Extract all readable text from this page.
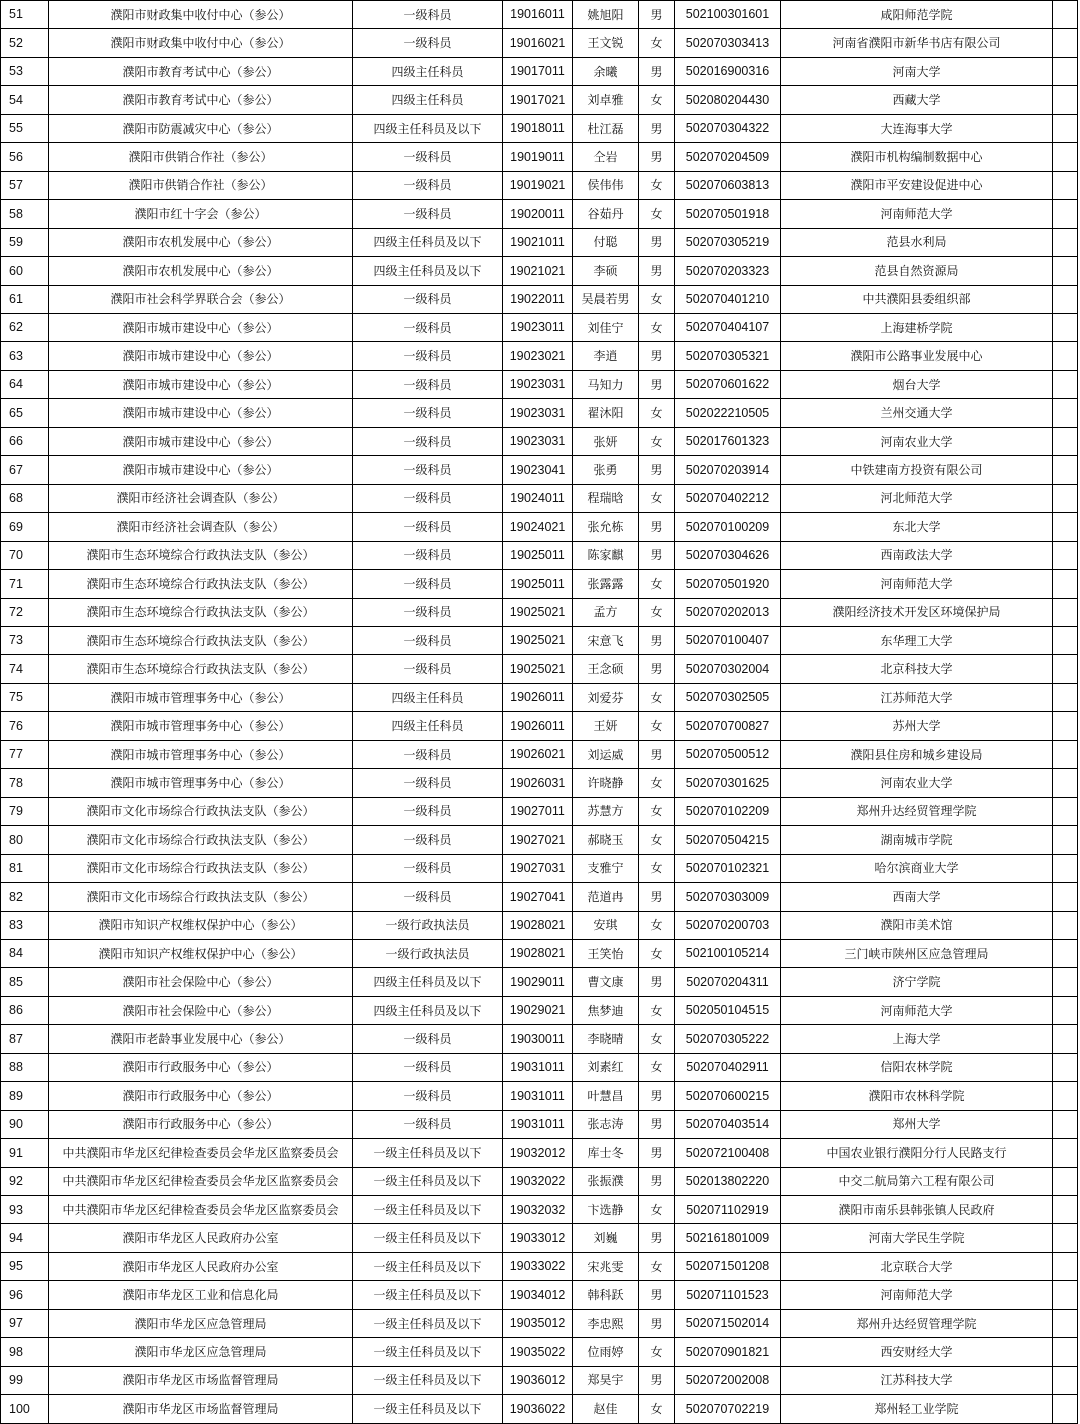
51	濮阳市财政集中收付中心（参公）	一级科员	19016011	姚旭阳	男	502100301601	咸阳师范学院	
52	濮阳市财政集中收付中心（参公）	一级科员	19016021	王文锐	女	502070303413	河南省濮阳市新华书店有限公司	
53	濮阳市教育考试中心（参公）	四级主任科员	19017011	余曦	男	502016900316	河南大学	
54	濮阳市教育考试中心（参公）	四级主任科员	19017021	刘卓雅	女	502080204430	西藏大学	
55	濮阳市防震减灾中心（参公）	四级主任科员及以下	19018011	杜江磊	男	502070304322	大连海事大学	
56	濮阳市供销合作社（参公）	一级科员	19019011	仝岩	男	502070204509	濮阳市机构编制数据中心	
57	濮阳市供销合作社（参公）	一级科员	19019021	侯伟伟	女	502070603813	濮阳市平安建设促进中心	
58	濮阳市红十字会（参公）	一级科员	19020011	谷茹丹	女	502070501918	河南师范大学	
59	濮阳市农机发展中心（参公）	四级主任科员及以下	19021011	付聪	男	502070305219	范县水利局	
60	濮阳市农机发展中心（参公）	四级主任科员及以下	19021021	李硕	男	502070203323	范县自然资源局	
61	濮阳市社会科学界联合会（参公）	一级科员	19022011	吴晨若男	女	502070401210	中共濮阳县委组织部	
62	濮阳市城市建设中心（参公）	一级科员	19023011	刘佳宁	女	502070404107	上海建桥学院	
63	濮阳市城市建设中心（参公）	一级科员	19023021	李逍	男	502070305321	濮阳市公路事业发展中心	
64	濮阳市城市建设中心（参公）	一级科员	19023031	马知力	男	502070601622	烟台大学	
65	濮阳市城市建设中心（参公）	一级科员	19023031	翟沐阳	女	502022210505	兰州交通大学	
66	濮阳市城市建设中心（参公）	一级科员	19023031	张妍	女	502017601323	河南农业大学	
67	濮阳市城市建设中心（参公）	一级科员	19023041	张勇	男	502070203914	中铁建南方投资有限公司	
68	濮阳市经济社会调查队（参公）	一级科员	19024011	程瑞晗	女	502070402212	河北师范大学	
69	濮阳市经济社会调查队（参公）	一级科员	19024021	张允栋	男	502070100209	东北大学	
70	濮阳市生态环境综合行政执法支队（参公）	一级科员	19025011	陈家麒	男	502070304626	西南政法大学	
71	濮阳市生态环境综合行政执法支队（参公）	一级科员	19025011	张露露	女	502070501920	河南师范大学	
72	濮阳市生态环境综合行政执法支队（参公）	一级科员	19025021	孟方	女	502070202013	濮阳经济技术开发区环境保护局	
73	濮阳市生态环境综合行政执法支队（参公）	一级科员	19025021	宋意飞	男	502070100407	东华理工大学	
74	濮阳市生态环境综合行政执法支队（参公）	一级科员	19025021	王念硕	男	502070302004	北京科技大学	
75	濮阳市城市管理事务中心（参公）	四级主任科员	19026011	刘爱芬	女	502070302505	江苏师范大学	
76	濮阳市城市管理事务中心（参公）	四级主任科员	19026011	王妍	女	502070700827	苏州大学	
77	濮阳市城市管理事务中心（参公）	一级科员	19026021	刘运威	男	502070500512	濮阳县住房和城乡建设局	
78	濮阳市城市管理事务中心（参公）	一级科员	19026031	许晓静	女	502070301625	河南农业大学	
79	濮阳市文化市场综合行政执法支队（参公）	一级科员	19027011	苏慧方	女	502070102209	郑州升达经贸管理学院	
80	濮阳市文化市场综合行政执法支队（参公）	一级科员	19027021	郝晓玉	女	502070504215	湖南城市学院	
81	濮阳市文化市场综合行政执法支队（参公）	一级科员	19027031	支雅宁	女	502070102321	哈尔滨商业大学	
82	濮阳市文化市场综合行政执法支队（参公）	一级科员	19027041	范道冉	男	502070303009	西南大学	
83	濮阳市知识产权维权保护中心（参公）	一级行政执法员	19028021	安琪	女	502070200703	濮阳市美术馆	
84	濮阳市知识产权维权保护中心（参公）	一级行政执法员	19028021	王笑怡	女	502100105214	三门峡市陕州区应急管理局	
85	濮阳市社会保险中心（参公）	四级主任科员及以下	19029011	曹文康	男	502070204311	济宁学院	
86	濮阳市社会保险中心（参公）	四级主任科员及以下	19029021	焦梦迪	女	502050104515	河南师范大学	
87	濮阳市老龄事业发展中心（参公）	一级科员	19030011	李晓晴	女	502070305222	上海大学	
88	濮阳市行政服务中心（参公）	一级科员	19031011	刘素红	女	502070402911	信阳农林学院	
89	濮阳市行政服务中心（参公）	一级科员	19031011	叶慧昌	男	502070600215	濮阳市农林科学院	
90	濮阳市行政服务中心（参公）	一级科员	19031011	张志涛	男	502070403514	郑州大学	
91	中共濮阳市华龙区纪律检查委员会华龙区监察委员会	一级主任科员及以下	19032012	库士冬	男	502072100408	中国农业银行濮阳分行人民路支行	
92	中共濮阳市华龙区纪律检查委员会华龙区监察委员会	一级主任科员及以下	19032022	张振濮	男	502013802220	中交二航局第六工程有限公司	
93	中共濮阳市华龙区纪律检查委员会华龙区监察委员会	一级主任科员及以下	19032032	卞选静	女	502071102919	濮阳市南乐县韩张镇人民政府	
94	濮阳市华龙区人民政府办公室	一级主任科员及以下	19033012	刘巍	男	502161801009	河南大学民生学院	
95	濮阳市华龙区人民政府办公室	一级主任科员及以下	19033022	宋兆雯	女	502071501208	北京联合大学	
96	濮阳市华龙区工业和信息化局	一级主任科员及以下	19034012	韩科跃	男	502071101523	河南师范大学	
97	濮阳市华龙区应急管理局	一级主任科员及以下	19035012	李忠熙	男	502071502014	郑州升达经贸管理学院	
98	濮阳市华龙区应急管理局	一级主任科员及以下	19035022	位雨婷	女	502070901821	西安财经大学	
99	濮阳市华龙区市场监督管理局	一级主任科员及以下	19036012	郑昊宇	男	502072002008	江苏科技大学	
100	濮阳市华龙区市场监督管理局	一级主任科员及以下	19036022	赵佳	女	502070702219	郑州轻工业学院	
